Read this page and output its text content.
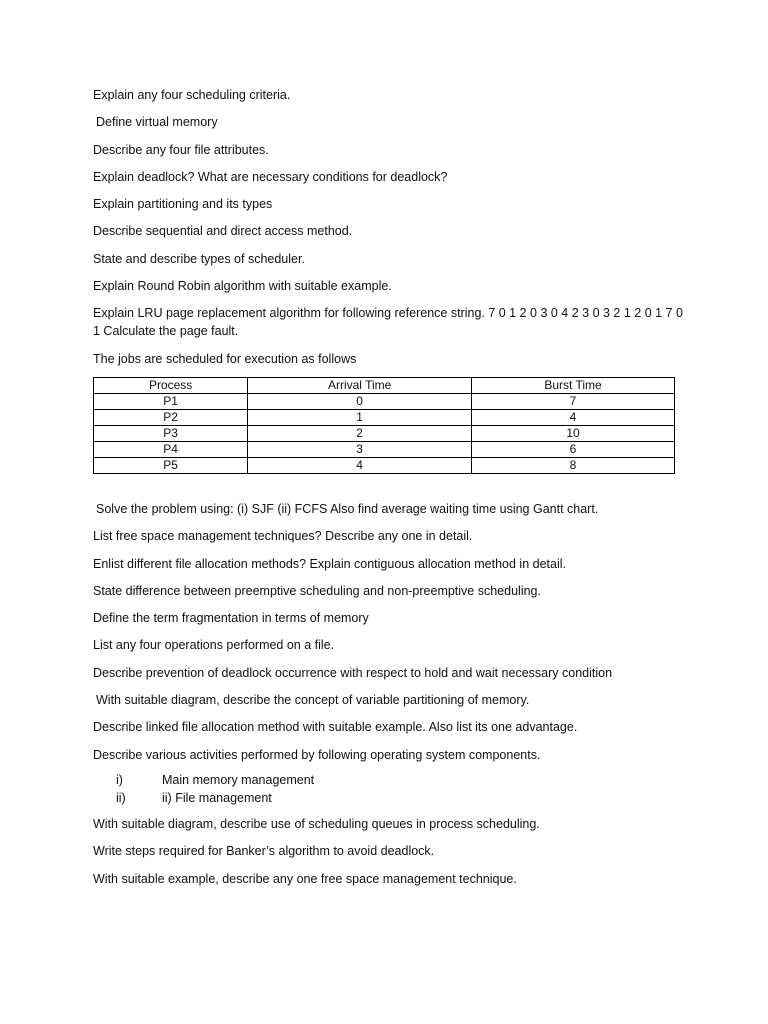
Explain any four scheduling criteria.

Define virtual memory

Describe any four file attributes.

Explain deadlock? What are necessary conditions for deadlock?

Explain partitioning and its types

Describe sequential and direct access method.

State and describe types of scheduler.

Explain Round Robin algorithm with suitable example.

Explain LRU page replacement algorithm for following reference string. 7 0 1 2 0 3 0 4 2 3 0 3 2 1 2 0 1 7 0 1 Calculate the page fault.

The jobs are scheduled for execution as follows

Process	Arrival Time	Burst Time
P1	0	7
P2	1	4
P3	2	10
P4	3	6
P5	4	8

Solve the problem using: (i) SJF (ii) FCFS Also find average waiting time using Gantt chart.

List free space management techniques? Describe any one in detail.

Enlist different file allocation methods? Explain contiguous allocation method in detail.

State difference between preemptive scheduling and non-preemptive scheduling.

Define the term fragmentation in terms of memory

List any four operations performed on a file.

Describe prevention of deadlock occurrence with respect to hold and wait necessary condition

With suitable diagram, describe the concept of variable partitioning of memory.

Describe linked file allocation method with suitable example. Also list its one advantage.

Describe various activities performed by following operating system components.

i)	Main memory management
ii)	ii) File management

With suitable diagram, describe use of scheduling queues in process scheduling.

Write steps required for Banker’s algorithm to avoid deadlock.

With suitable example, describe any one free space management technique.
